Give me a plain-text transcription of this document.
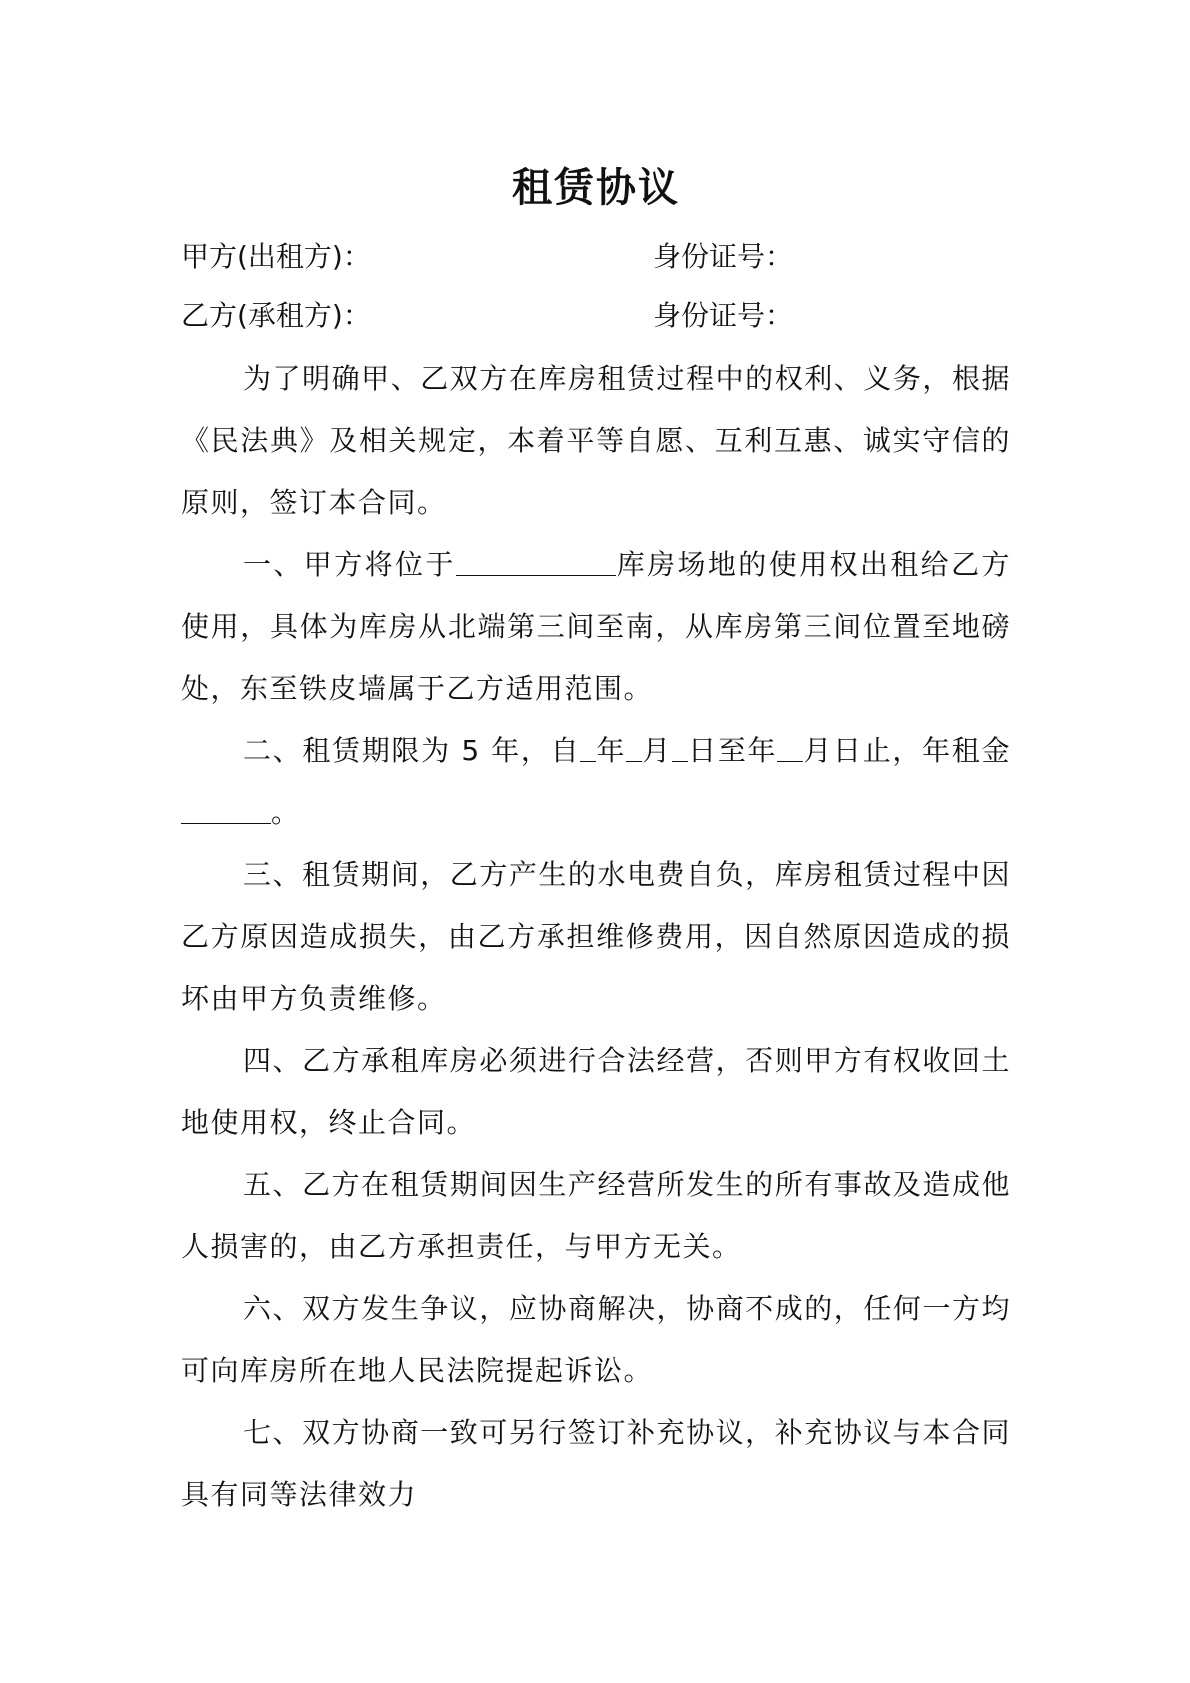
租赁协议
甲方(出租方)：	身份证号：
乙方(承租方)：	身份证号：

为了明确甲、乙双方在库房租赁过程中的权利、义务，根据《民法典》及相关规定，本着平等自愿、互利互惠、诚实守信的原则，签订本合同。

一、甲方将位于	库房场地的使用权出租给乙方使用，具体为库房从北端第三间至南，从库房第三间位置至地磅处，东至铁皮墙属于乙方适用范围。

二、租赁期限为 5 年，自 年 月 日至年 月日止，年租金。

三、租赁期间，乙方产生的水电费自负，库房租赁过程中因乙方原因造成损失，由乙方承担维修费用，因自然原因造成的损坏由甲方负责维修。

四、乙方承租库房必须进行合法经营，否则甲方有权收回土地使用权，终止合同。

五、乙方在租赁期间因生产经营所发生的所有事故及造成他人损害的，由乙方承担责任，与甲方无关。

六、双方发生争议，应协商解决，协商不成的，任何一方均可向库房所在地人民法院提起诉讼。

七、双方协商一致可另行签订补充协议，补充协议与本合同具有同等法律效力
